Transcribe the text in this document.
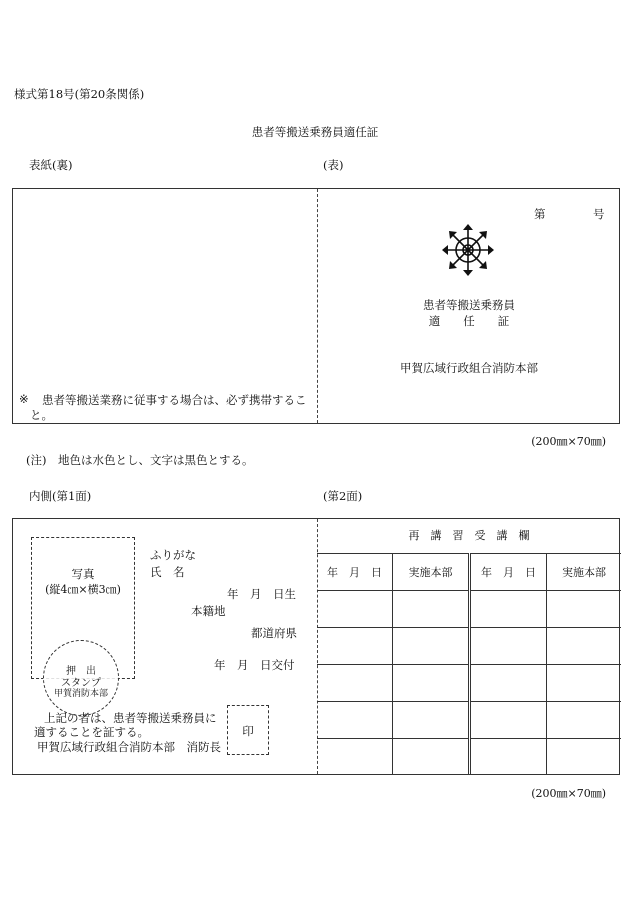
様式第18号(第20条関係)
患者等搬送乗務員適任証
表紙(裏)	(表)
第	号
患者等搬送乗務員
適　　任　　証
甲賀広域行政組合消防本部
※ 患者等搬送業務に従事する場合は、必ず携帯するこ
と。
(200㎜×70㎜)
(注)　地色は水色とし、文字は黒色とする。
内側(第1面)	(第2面)
写真
(縦4㎝×横3㎝)
押　出
スタンプ
甲賀消防本部
ふりがな
氏　名
年　月　日生
本籍地
都道府県
年　月　日交付
上記の者は、患者等搬送乗務員に
適することを証する。
甲賀広域行政組合消防本部　消防長
印
再　講　習　受　講　欄			
年　月　日	実施本部	年　月　日	実施本部

(200㎜×70㎜)
